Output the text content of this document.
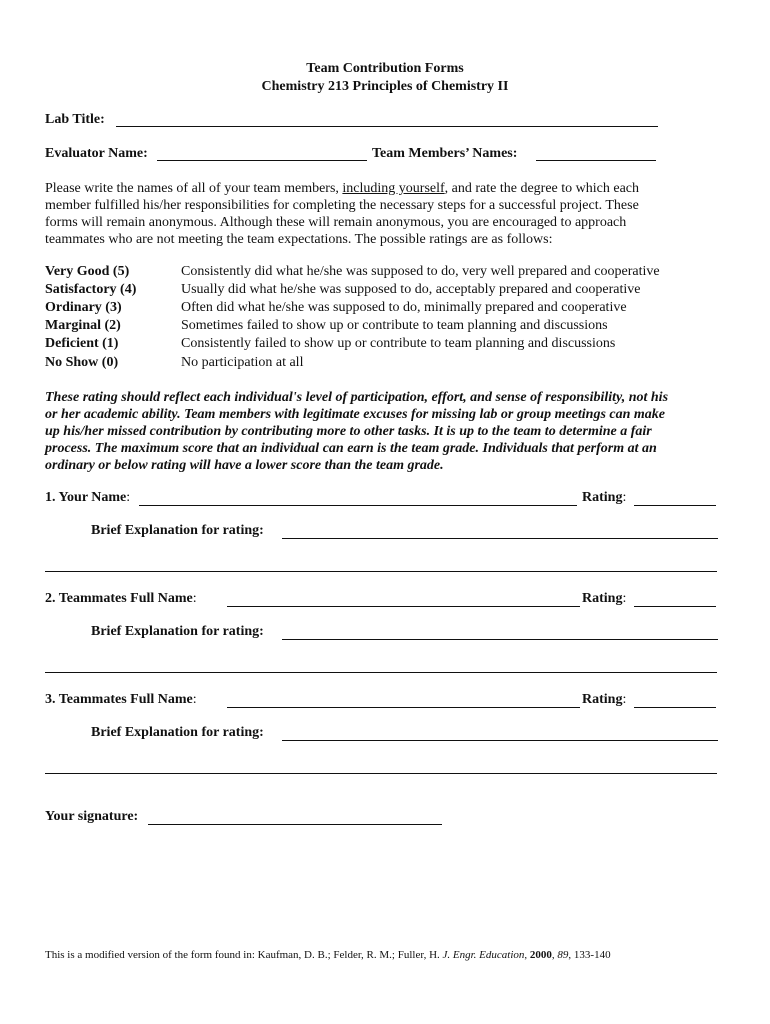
Team Contribution Forms
Chemistry 213 Principles of Chemistry II
Lab Title:
Evaluator Name:	Team Members’ Names:
Please write the names of all of your team members, including yourself, and rate the degree to which each
member fulfilled his/her responsibilities for completing the necessary steps for a successful project. These
forms will remain anonymous. Although these will remain anonymous, you are encouraged to approach
teammates who are not meeting the team expectations. The possible ratings are as follows:
Very Good (5)	Consistently did what he/she was supposed to do, very well prepared and cooperative
Satisfactory (4)	Usually did what he/she was supposed to do, acceptably prepared and cooperative
Ordinary (3)	Often did what he/she was supposed to do, minimally prepared and cooperative
Marginal (2)	Sometimes failed to show up or contribute to team planning and discussions
Deficient (1)	Consistently failed to show up or contribute to team planning and discussions
No Show (0)	No participation at all
These rating should reflect each individual's level of participation, effort, and sense of responsibility, not his
or her academic ability. Team members with legitimate excuses for missing lab or group meetings can make
up his/her missed contribution by contributing more to other tasks. It is up to the team to determine a fair
process. The maximum score that an individual can earn is the team grade. Individuals that perform at an
ordinary or below rating will have a lower score than the team grade.
1. Your Name:	Rating:
Brief Explanation for rating:
2. Teammates Full Name:	Rating:
Brief Explanation for rating:
3. Teammates Full Name:	Rating:
Brief Explanation for rating:
Your signature:
This is a modified version of the form found in: Kaufman, D. B.; Felder, R. M.; Fuller, H. J. Engr. Education, 2000, 89, 133-140
